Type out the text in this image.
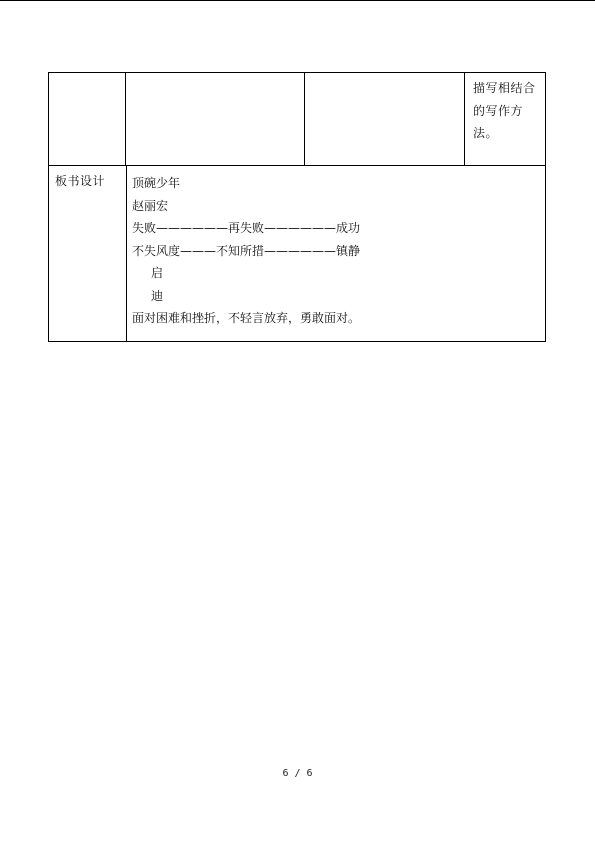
描写相结合
的写作方
法。
板书设计 顶碗少年
赵丽宏
失败——————再失败——————成功
不失风度———不知所措——————镇静
启
迪
面对困难和挫折，不轻言放弃，勇敢面对。
6 / 6
